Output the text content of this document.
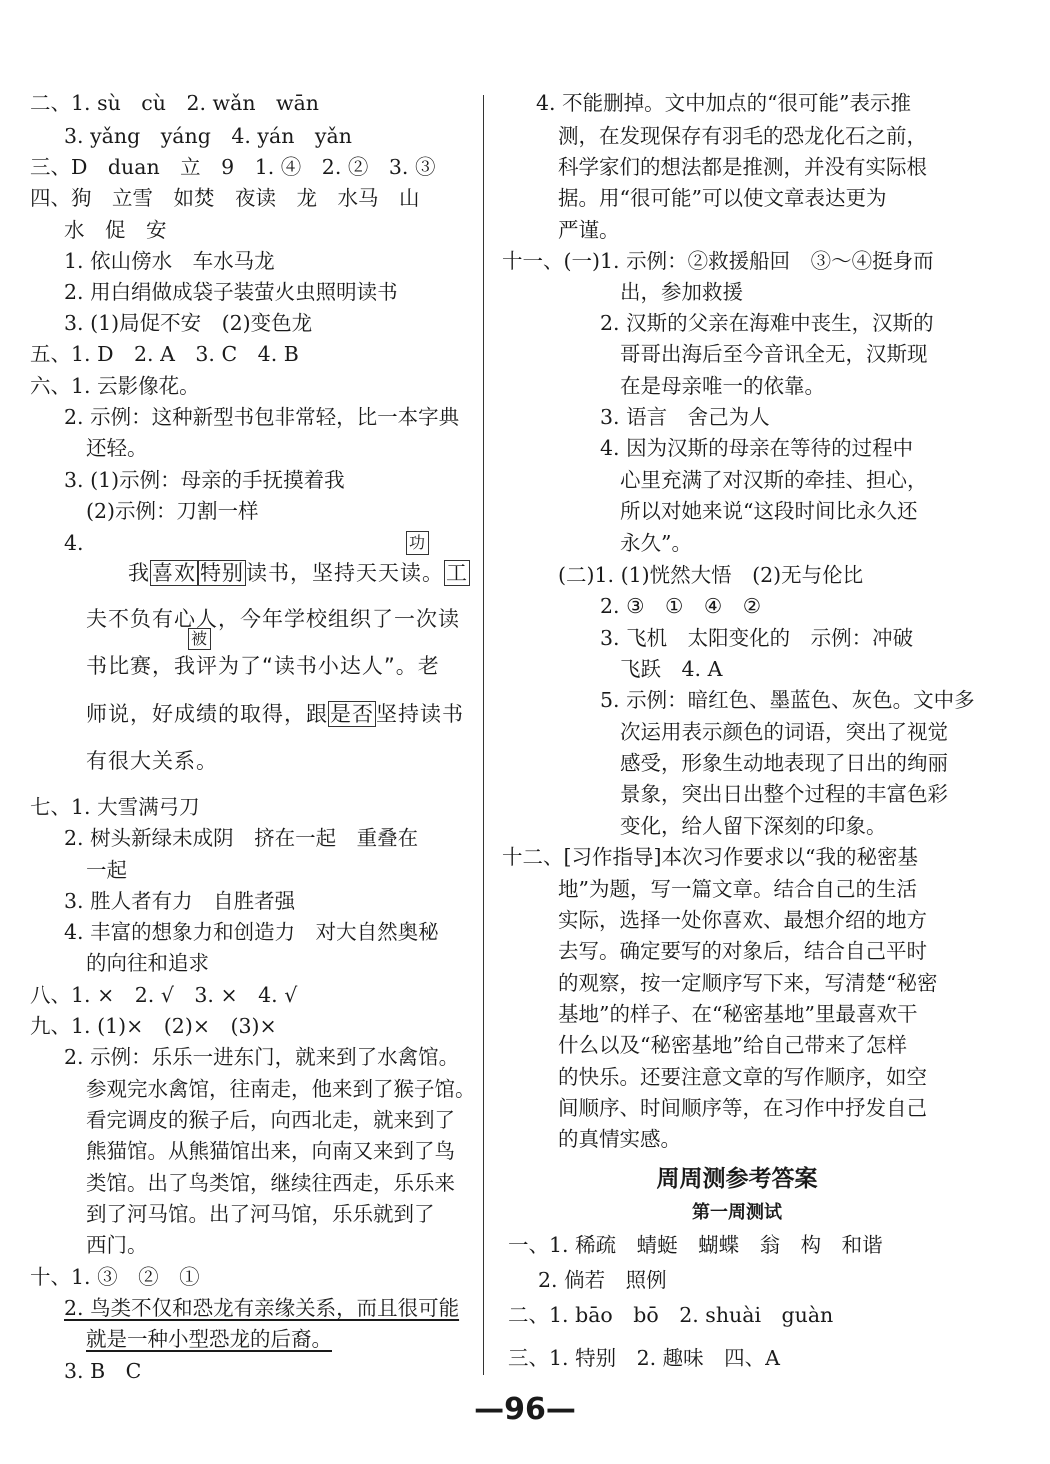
二、1. sù　cù　2. wǎn　wān
3. yǎng　yáng　4. yán　yǎn
三、D　duan　立　9　1. ④　2. ②　3. ③
四、狗　立雪　如焚　夜读　龙　水马　山
水　促　安
1. 依山傍水　车水马龙
2. 用白绢做成袋子装萤火虫照明读书
3. (1)局促不安　(2)变色龙
五、1. D　2. A　3. C　4. B
六、1. 云影像花。
2. 示例：这种新型书包非常轻，比一本字典
还轻。
3. (1)示例：母亲的手抚摸着我
(2)示例：刀割一样
4.	功
我喜欢 特别读书，坚持天天读。工
被
夫不负有心人，今年学校组织了一次读
书比赛，我评为了“读书小达人”。老
师说，好成绩的取得，跟是否坚持读书
有很大关系。
七、1. 大雪满弓刀
2. 树头新绿未成阴　挤在一起　重叠在
一起
3. 胜人者有力　自胜者强
4. 丰富的想象力和创造力　对大自然奥秘
的向往和追求
八、1. ×　2. √　3. ×　4. √
九、1. (1)×　(2)×　(3)×
2. 示例：乐乐一进东门，就来到了水禽馆。
参观完水禽馆，往南走，他来到了猴子馆。
看完调皮的猴子后，向西北走，就来到了
熊猫馆。从熊猫馆出来，向南又来到了鸟
类馆。出了鸟类馆，继续往西走，乐乐来
到了河马馆。出了河马馆，乐乐就到了
西门。
十、1. ③　②　①
2. 鸟类不仅和恐龙有亲缘关系，而且很可能
就是一种小型恐龙的后裔。
3. B　C
4. 不能删掉。文中加点的“很可能”表示推
测，在发现保存有羽毛的恐龙化石之前，
科学家们的想法都是推测，并没有实际根
据。用“很可能”可以使文章表达更为
严谨。
十一、(一)1. 示例：②救援船回　③～④挺身而
出，参加救援
2. 汉斯的父亲在海难中丧生，汉斯的
哥哥出海后至今音讯全无，汉斯现
在是母亲唯一的依靠。
3. 语言　舍己为人
4. 因为汉斯的母亲在等待的过程中
心里充满了对汉斯的牵挂、担心，
所以对她来说“这段时间比永久还
永久”。
(二)1. (1)恍然大悟　(2)无与伦比
2. ③　①　④　②
3. 飞机　太阳变化的　示例：冲破
飞跃　4. A
5. 示例：暗红色、墨蓝色、灰色。文中多
次运用表示颜色的词语，突出了视觉
感受，形象生动地表现了日出的绚丽
景象，突出日出整个过程的丰富色彩
变化，给人留下深刻的印象。
十二、[习作指导]本次习作要求以“我的秘密基
地”为题，写一篇文章。结合自己的生活
实际，选择一处你喜欢、最想介绍的地方
去写。确定要写的对象后，结合自己平时
的观察，按一定顺序写下来，写清楚“秘密
基地”的样子、在“秘密基地”里最喜欢干
什么以及“秘密基地”给自己带来了怎样
的快乐。还要注意文章的写作顺序，如空
间顺序、时间顺序等，在习作中抒发自己
的真情实感。
周周测参考答案
第一周测试
一、1. 稀疏　蜻蜓　蝴蝶　翁　构　和谐
2. 倘若　照例
二、1. bāo　bō　2. shuài　guàn
三、1. 特别　2. 趣味　四、A
—96—
